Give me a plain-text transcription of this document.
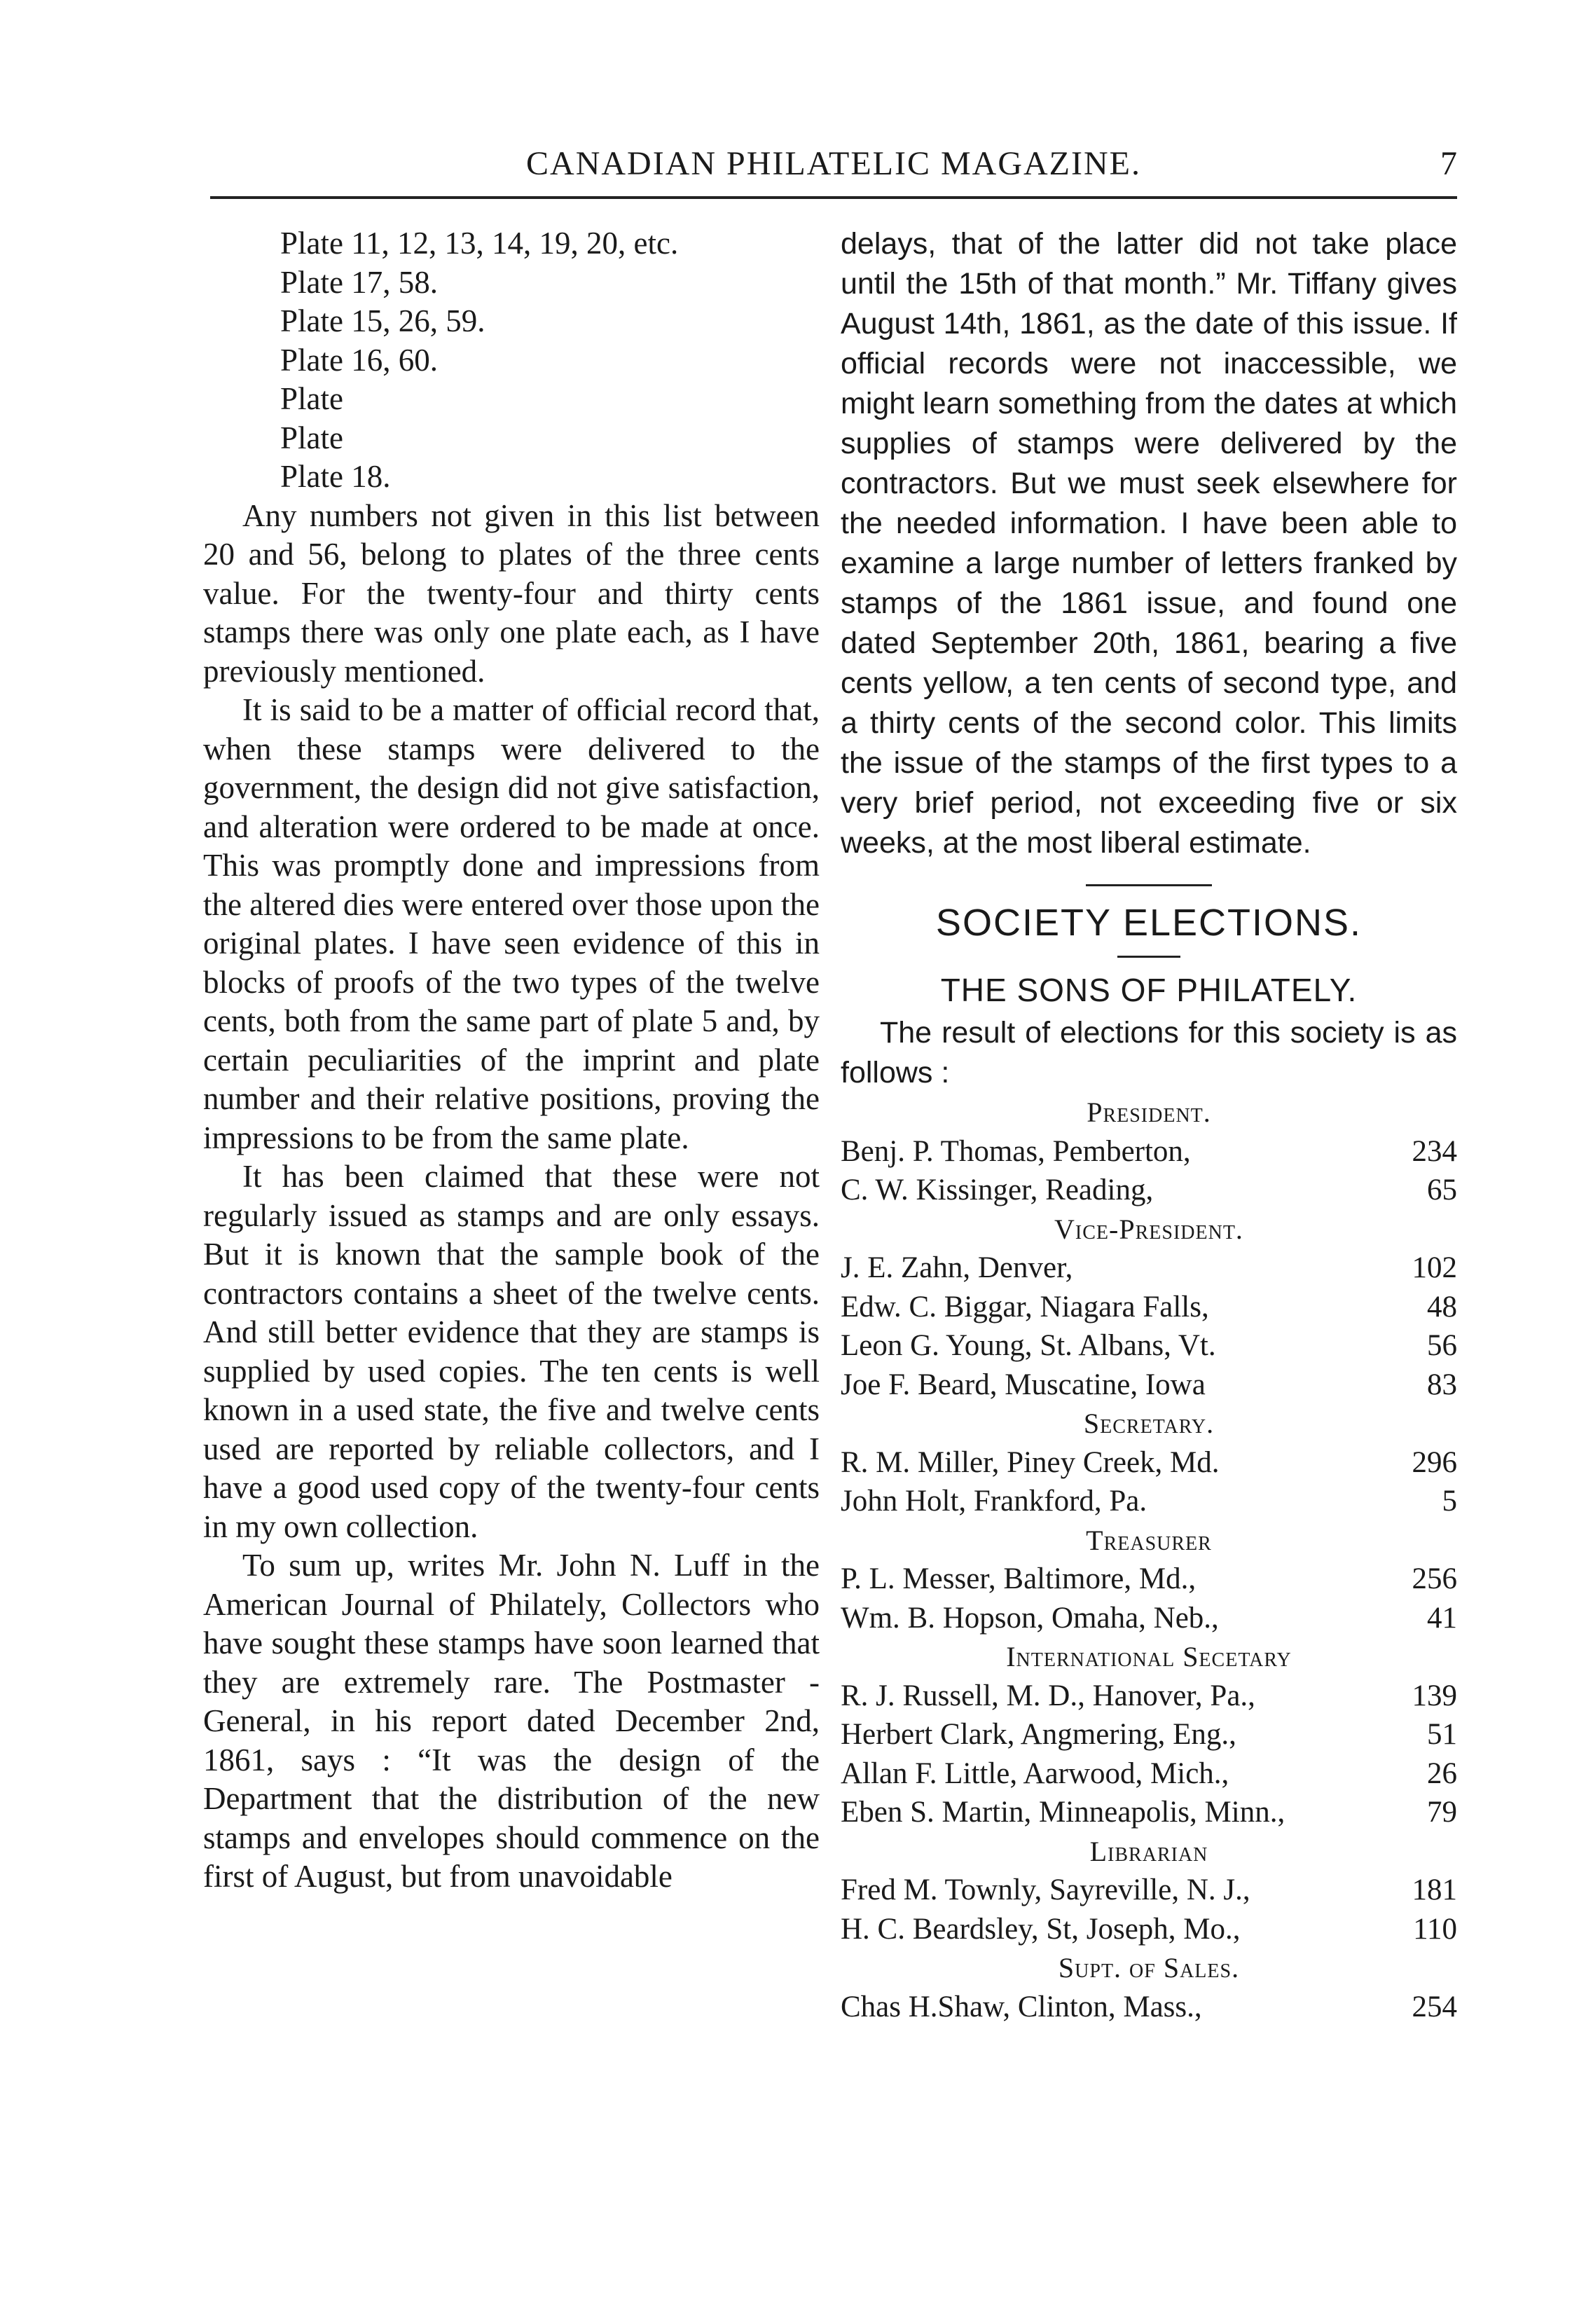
CANADIAN PHILATELIC MAGAZINE.	7
Plate 11, 12, 13, 14, 19, 20, etc.
Plate 17, 58.
Plate 15, 26, 59.
Plate 16, 60.
Plate
Plate
Plate 18.

Any numbers not given in this list between 20 and 56, belong to plates of the three cents value. For the twenty-four and thirty cents stamps there was only one plate each, as I have previously mentioned.

It is said to be a matter of official record that, when these stamps were delivered to the government, the design did not give satisfaction, and alteration were ordered to be made at once. This was promptly done and impressions from the altered dies were entered over those upon the original plates. I have seen evidence of this in blocks of proofs of the two types of the twelve cents, both from the same part of plate 5 and, by certain peculiarities of the imprint and plate number and their relative positions, proving the impressions to be from the same plate.

It has been claimed that these were not regularly issued as stamps and are only essays. But it is known that the sample book of the contractors contains a sheet of the twelve cents. And still better evidence that they are stamps is supplied by used copies. The ten cents is well known in a used state, the five and twelve cents used are reported by reliable collectors, and I have a good used copy of the twenty-four cents in my own collection.

To sum up, writes Mr. John N. Luff in the American Journal of Philately, Collectors who have sought these stamps have soon learned that they are extremely rare. The Postmaster - General, in his report dated December 2nd, 1861, says : “It was the design of the Department that the distribution of the new stamps and envelopes should commence on the first of August, but from unavoidable

delays, that of the latter did not take place until the 15th of that month.” Mr. Tiffany gives August 14th, 1861, as the date of this issue. If official records were not inaccessible, we might learn something from the dates at which supplies of stamps were delivered by the contractors. But we must seek elsewhere for the needed information. I have been able to examine a large number of letters franked by stamps of the 1861 issue, and found one dated September 20th, 1861, bearing a five cents yellow, a ten cents of second type, and a thirty cents of the second color. This limits the issue of the stamps of the first types to a very brief period, not exceeding five or six weeks, at the most liberal estimate.

SOCIETY ELECTIONS.
THE SONS OF PHILATELY.

The result of elections for this society is as follows :

President.
Benj. P. Thomas, Pemberton,	234
C. W. Kissinger, Reading,	65
Vice-President.
J. E. Zahn, Denver,	102
Edw. C. Biggar, Niagara Falls,	48
Leon G. Young, St. Albans, Vt.	56
Joe F. Beard, Muscatine, Iowa	83
Secretary.
R. M. Miller, Piney Creek, Md.	296
John Holt, Frankford, Pa.	5
Treasurer
P. L. Messer, Baltimore, Md.,	256
Wm. B. Hopson, Omaha, Neb.,	41
International Secetary
R. J. Russell, M. D., Hanover, Pa.,	139
Herbert Clark, Angmering, Eng.,	51
Allan F. Little, Aarwood, Mich.,	26
Eben S. Martin, Minneapolis, Minn.,	79
Librarian
Fred M. Townly, Sayreville, N. J.,	181
H. C. Beardsley, St, Joseph, Mo.,	110
Supt. of Sales.
Chas H.Shaw, Clinton, Mass.,	254
